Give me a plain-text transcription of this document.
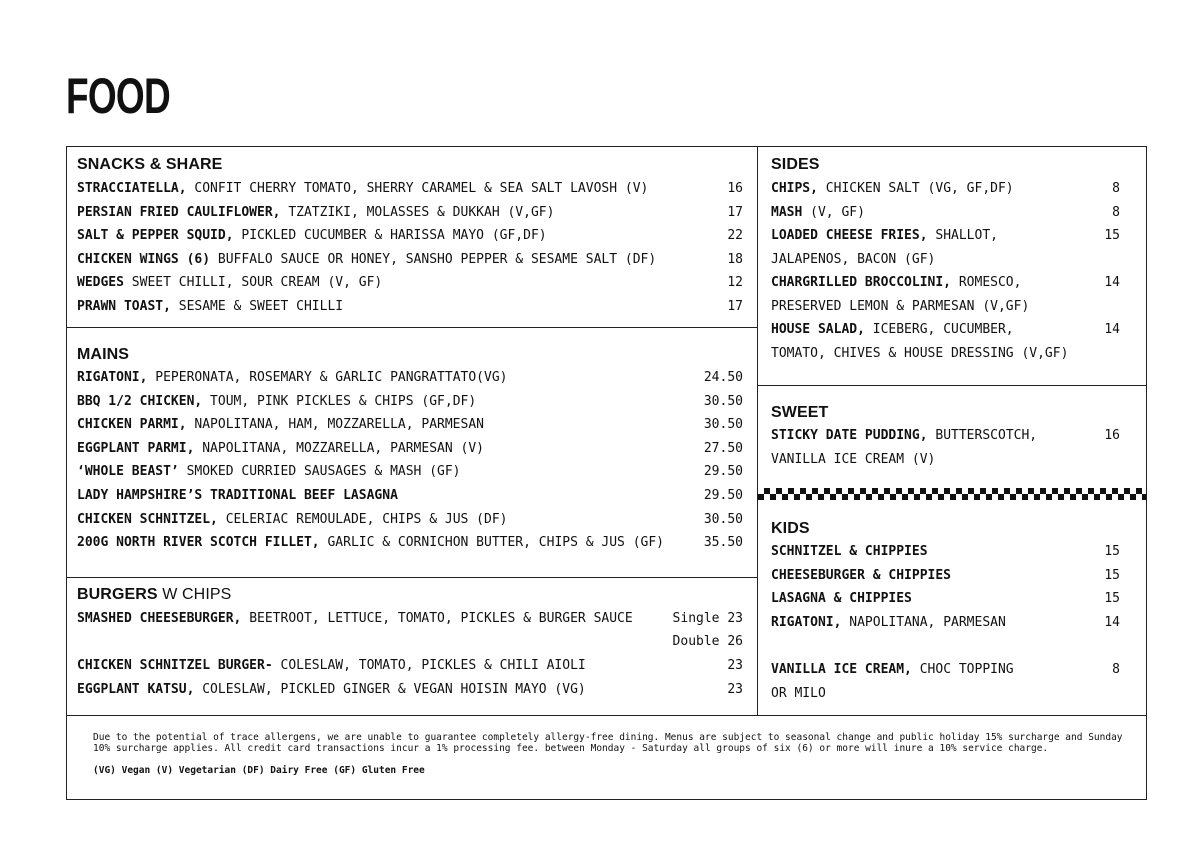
FOOD
SNACKS & SHARE
STRACCIATELLA, CONFIT CHERRY TOMATO, SHERRY CARAMEL & SEA SALT LAVOSH (V)	16
PERSIAN FRIED CAULIFLOWER, TZATZIKI, MOLASSES & DUKKAH (V,GF)	17
SALT & PEPPER SQUID, PICKLED CUCUMBER & HARISSA MAYO (GF,DF)	22
CHICKEN WINGS (6) BUFFALO SAUCE OR HONEY, SANSHO PEPPER & SESAME SALT (DF)	18
WEDGES SWEET CHILLI, SOUR CREAM (V, GF)	12
PRAWN TOAST, SESAME & SWEET CHILLI	17
MAINS
RIGATONI, PEPERONATA, ROSEMARY & GARLIC PANGRATTATO(VG)	24.50
BBQ 1/2 CHICKEN, TOUM, PINK PICKLES & CHIPS (GF,DF)	30.50
CHICKEN PARMI, NAPOLITANA, HAM, MOZZARELLA, PARMESAN	30.50
EGGPLANT PARMI, NAPOLITANA, MOZZARELLA, PARMESAN (V)	27.50
‘WHOLE BEAST’ SMOKED CURRIED SAUSAGES & MASH (GF)	29.50
LADY HAMPSHIRE’S TRADITIONAL BEEF LASAGNA	29.50
CHICKEN SCHNITZEL, CELERIAC REMOULADE, CHIPS & JUS (DF)	30.50
200G NORTH RIVER SCOTCH FILLET, GARLIC & CORNICHON BUTTER, CHIPS & JUS (GF)	35.50
BURGERS W CHIPS
SMASHED CHEESEBURGER, BEETROOT, LETTUCE, TOMATO, PICKLES & BURGER SAUCE	Single 23
Double 26
CHICKEN SCHNITZEL BURGER- COLESLAW, TOMATO, PICKLES & CHILI AIOLI	23
EGGPLANT KATSU, COLESLAW, PICKLED GINGER & VEGAN HOISIN MAYO (VG)	23
SIDES
CHIPS, CHICKEN SALT (VG, GF,DF)	8
MASH (V, GF)	8
LOADED CHEESE FRIES, SHALLOT,	15
JALAPENOS, BACON (GF)
CHARGRILLED BROCCOLINI, ROMESCO,	14
PRESERVED LEMON & PARMESAN (V,GF)
HOUSE SALAD, ICEBERG, CUCUMBER,	14
TOMATO, CHIVES & HOUSE DRESSING (V,GF)
SWEET
STICKY DATE PUDDING, BUTTERSCOTCH,	16
VANILLA ICE CREAM (V)
KIDS
SCHNITZEL & CHIPPIES	15
CHEESEBURGER & CHIPPIES	15
LASAGNA & CHIPPIES	15
RIGATONI, NAPOLITANA, PARMESAN	14
VANILLA ICE CREAM, CHOC TOPPING	8
OR MILO
Due to the potential of trace allergens, we are unable to guarantee completely allergy-free dining. Menus are subject to seasonal change and public holiday 15% surcharge and Sunday 10% surcharge applies. All credit card transactions incur a 1% processing fee. between Monday - Saturday all groups of six (6) or more will inure a 10% service charge.
(VG) Vegan (V) Vegetarian (DF) Dairy Free (GF) Gluten Free
